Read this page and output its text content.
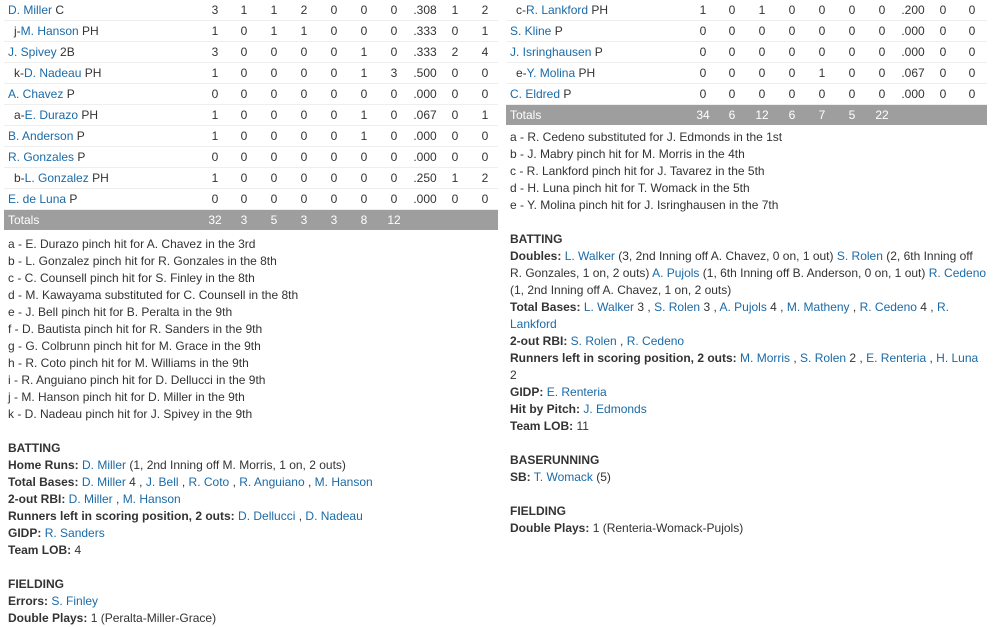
D. Miller C	3	1	1	2	0	0	0	.308	1	2
j-M. Hanson PH	1	0	1	1	0	0	0	.333	0	1
J. Spivey 2B	3	0	0	0	0	1	0	.333	2	4
k-D. Nadeau PH	1	0	0	0	0	1	3	.500	0	0
A. Chavez P	0	0	0	0	0	0	0	.000	0	0
a-E. Durazo PH	1	0	0	0	0	1	0	.067	0	1
B. Anderson P	1	0	0	0	0	1	0	.000	0	0
R. Gonzales P	0	0	0	0	0	0	0	.000	0	0
b-L. Gonzalez PH	1	0	0	0	0	0	0	.250	1	2
E. de Luna P	0	0	0	0	0	0	0	.000	0	0
Totals	32	3	5	3	3	8	12
a - E. Durazo pinch hit for A. Chavez in the 3rd
b - L. Gonzalez pinch hit for R. Gonzales in the 8th
c - C. Counsell pinch hit for S. Finley in the 8th
d - M. Kawayama substituted for C. Counsell in the 8th
e - J. Bell pinch hit for B. Peralta in the 9th
f - D. Bautista pinch hit for R. Sanders in the 9th
g - G. Colbrunn pinch hit for M. Grace in the 9th
h - R. Coto pinch hit for M. Williams in the 9th
i - R. Anguiano pinch hit for D. Dellucci in the 9th
j - M. Hanson pinch hit for D. Miller in the 9th
k - D. Nadeau pinch hit for J. Spivey in the 9th
BATTING
Home Runs: D. Miller (1, 2nd Inning off M. Morris, 1 on, 2 outs)
Total Bases: D. Miller 4 , J. Bell , R. Coto , R. Anguiano , M. Hanson
2-out RBI: D. Miller , M. Hanson
Runners left in scoring position, 2 outs: D. Dellucci , D. Nadeau
GIDP: R. Sanders
Team LOB: 4
FIELDING
Errors: S. Finley
Double Plays: 1 (Peralta-Miller-Grace)
c-R. Lankford PH	1	0	1	0	0	0	0	.200	0	0
S. Kline P	0	0	0	0	0	0	0	.000	0	0
J. Isringhausen P	0	0	0	0	0	0	0	.000	0	0
e-Y. Molina PH	0	0	0	0	1	0	0	.067	0	0
C. Eldred P	0	0	0	0	0	0	0	.000	0	0
Totals	34	6	12	6	7	5	22
a - R. Cedeno substituted for J. Edmonds in the 1st
b - J. Mabry pinch hit for M. Morris in the 4th
c - R. Lankford pinch hit for J. Tavarez in the 5th
d - H. Luna pinch hit for T. Womack in the 5th
e - Y. Molina pinch hit for J. Isringhausen in the 7th
BATTING
Doubles: L. Walker (3, 2nd Inning off A. Chavez, 0 on, 1 out) S. Rolen (2, 6th Inning off R. Gonzales, 1 on, 2 outs) A. Pujols (1, 6th Inning off B. Anderson, 0 on, 1 out) R. Cedeno (1, 2nd Inning off A. Chavez, 1 on, 2 outs)
Total Bases: L. Walker 3 , S. Rolen 3 , A. Pujols 4 , M. Matheny , R. Cedeno 4 , R. Lankford
2-out RBI: S. Rolen , R. Cedeno
Runners left in scoring position, 2 outs: M. Morris , S. Rolen 2 , E. Renteria , H. Luna 2
GIDP: E. Renteria
Hit by Pitch: J. Edmonds
Team LOB: 11
BASERUNNING
SB: T. Womack (5)
FIELDING
Double Plays: 1 (Renteria-Womack-Pujols)
